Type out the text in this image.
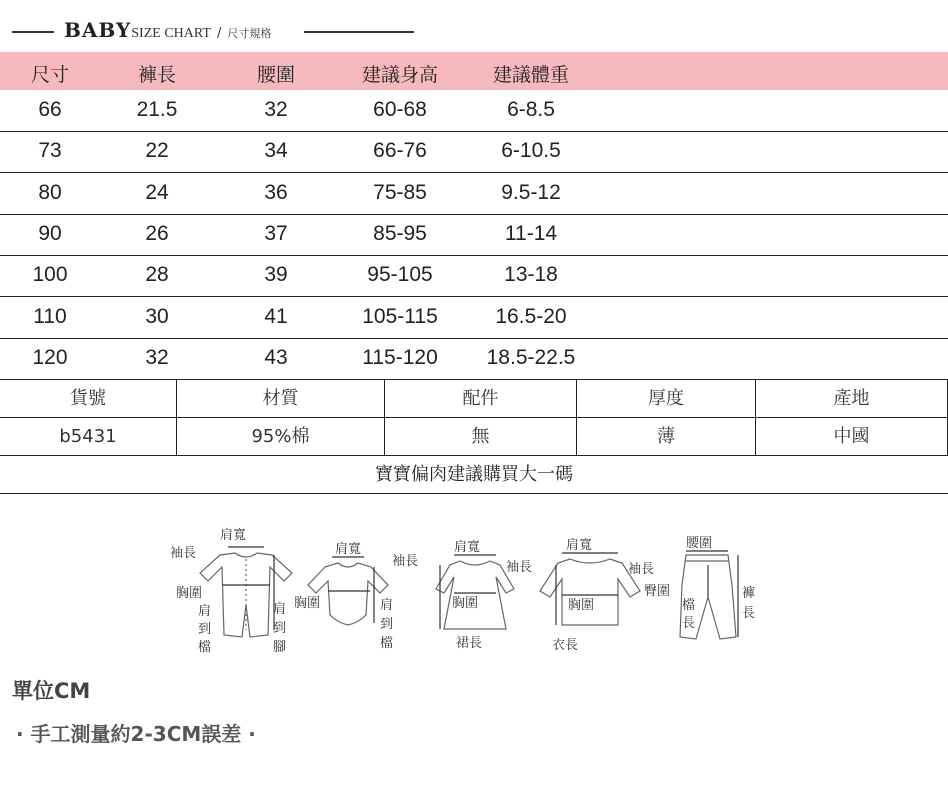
BABYSIZE CHART / 尺寸規格
尺寸	褲長	腰圍	建議身高	建議體重
66	21.5	32	60-68	6-8.5
73	22	34	66-76	6-10.5
80	24	36	75-85	9.5-12
90	26	37	85-95	11-14
100	28	39	95-105	13-18
110	30	41	105-115	16.5-20
120	32	43	115-120	18.5-22.5
貨號	材質	配件	厚度	產地
b5431	95%棉	無	薄	中國
寶寶偏肉建議購買大一碼
肩寬
袖長
胸圍
肩
到
檔
肩
到
腳
肩寬
袖長
胸圍	肩
到
檔
肩寬
袖長
胸圍
裙長
肩寬
袖長
胸圍
衣長
腰圍
臀圍
檔
長
褲
長
單位CM
· 手工測量約2-3CM誤差 ·
